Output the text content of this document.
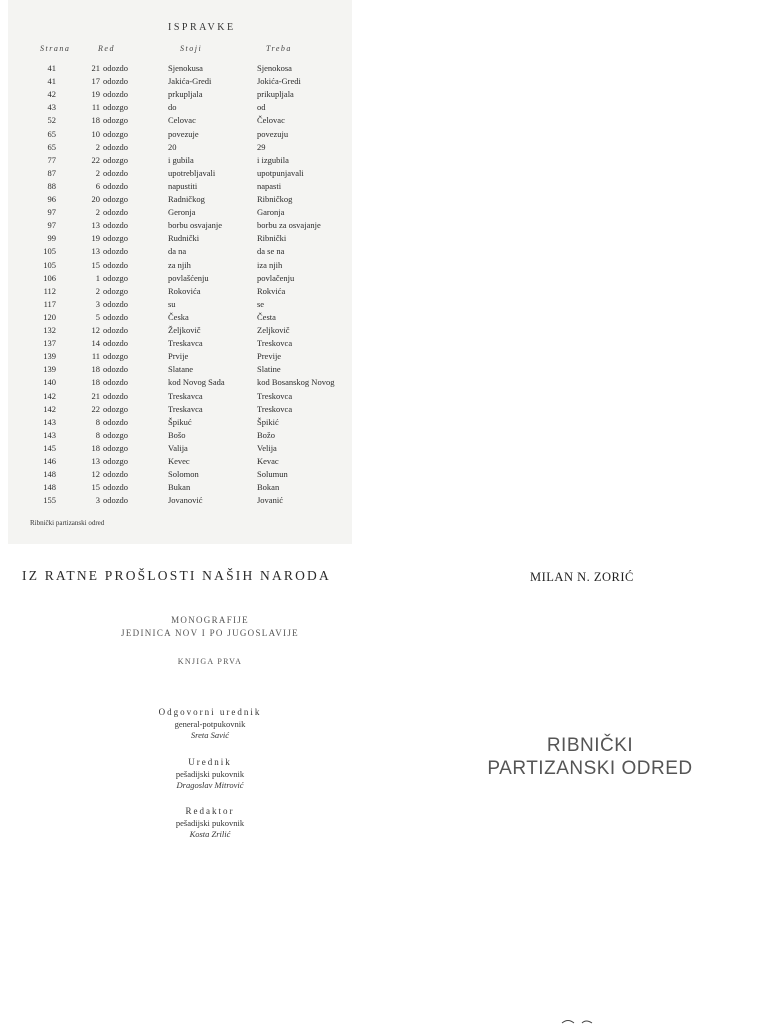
ISPRAVKE
Strana	Red	Stoji	Treba
41	21 odozdo	Sjenokusa	Sjenokosa
41	17 odozdo	Jakića-Gredi	Jokića-Gredi
42	19 odozdo	prkupljala	prikupljala
43	11 odozgo	do	od
52	18 odozgo	Celovac	Čelovac
65	10 odozgo	povezuje	povezuju
65	2 odozdo	20	29
77	22 odozgo	i gubila	i izgubila
87	2 odozdo	upotrebljavali	upotpunjavali
88	6 odozdo	napustiti	napasti
96	20 odozgo	Radničkog	Ribničkog
97	2 odozdo	Geronja	Garonja
97	13 odozdo	borbu osvajanje	borbu za osvajanje
99	19 odozgo	Rudnički	Ribnički
105	13 odozdo	da na	da se na
105	15 odozdo	za njih	iza njih
106	1 odozgo	povlašćenju	povlačenju
112	2 odozgo	Rokovića	Rokvića
117	3 odozdo	su	se
120	5 odozdo	Česka	Česta
132	12 odozdo	Željkovič	Zeljkovič
137	14 odozdo	Treskavca	Treskovca
139	11 odozgo	Prvije	Previje
139	18 odozdo	Slatane	Slatine
140	18 odozdo	kod Novog Sada	kod Bosanskog Novog
142	21 odozdo	Treskavca	Treskovca
142	22 odozgo	Treskavca	Treskovca
143	8 odozdo	Špikuć	Špikić
143	8 odozgo	Bošo	Božo
145	18 odozgo	Valija	Velija
146	13 odozgo	Kevec	Kevac
148	12 odozdo	Solomon	Solumun
148	15 odozdo	Bukan	Bokan
155	3 odozdo	Jovanović	Jovanić
Ribnički partizanski odred
IZ RATNE PROŠLOSTI NAŠIH NARODA
MONOGRAFIJE
JEDINICA NOV I PO JUGOSLAVIJE
KNJIGA PRVA
Odgovorni urednik
general-potpukovnik
Sreta Savić
Urednik
pešadijski pukovnik
Dragoslav Mitrović
Redaktor
pešadijski pukovnik
Kosta Zrilić
MILAN N. ZORIĆ
RIBNIČKI
PARTIZANSKI ODRED
